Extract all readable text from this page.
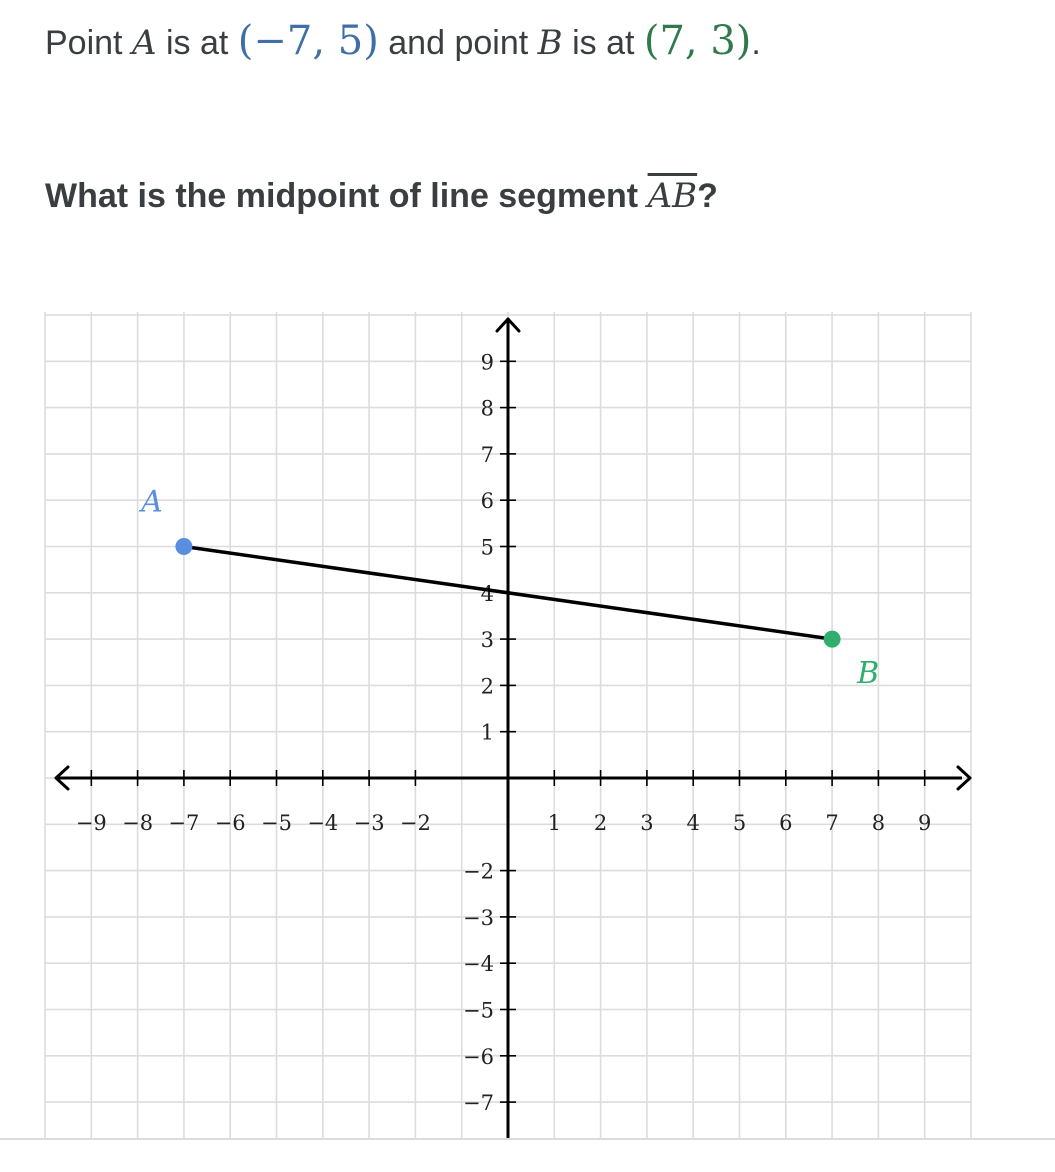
Point A is at (−7, 5) and point B is at (7, 3).
What is the midpoint of line segment $\overline{AB}$?
−9 −8 −7 −6 −5 −4 −3 −2	1 2 3 4 5 6 7 8 9
−7
−6
−5
−4
−3
−2
1
2
3
4
5
6
7
8
9
A
B
